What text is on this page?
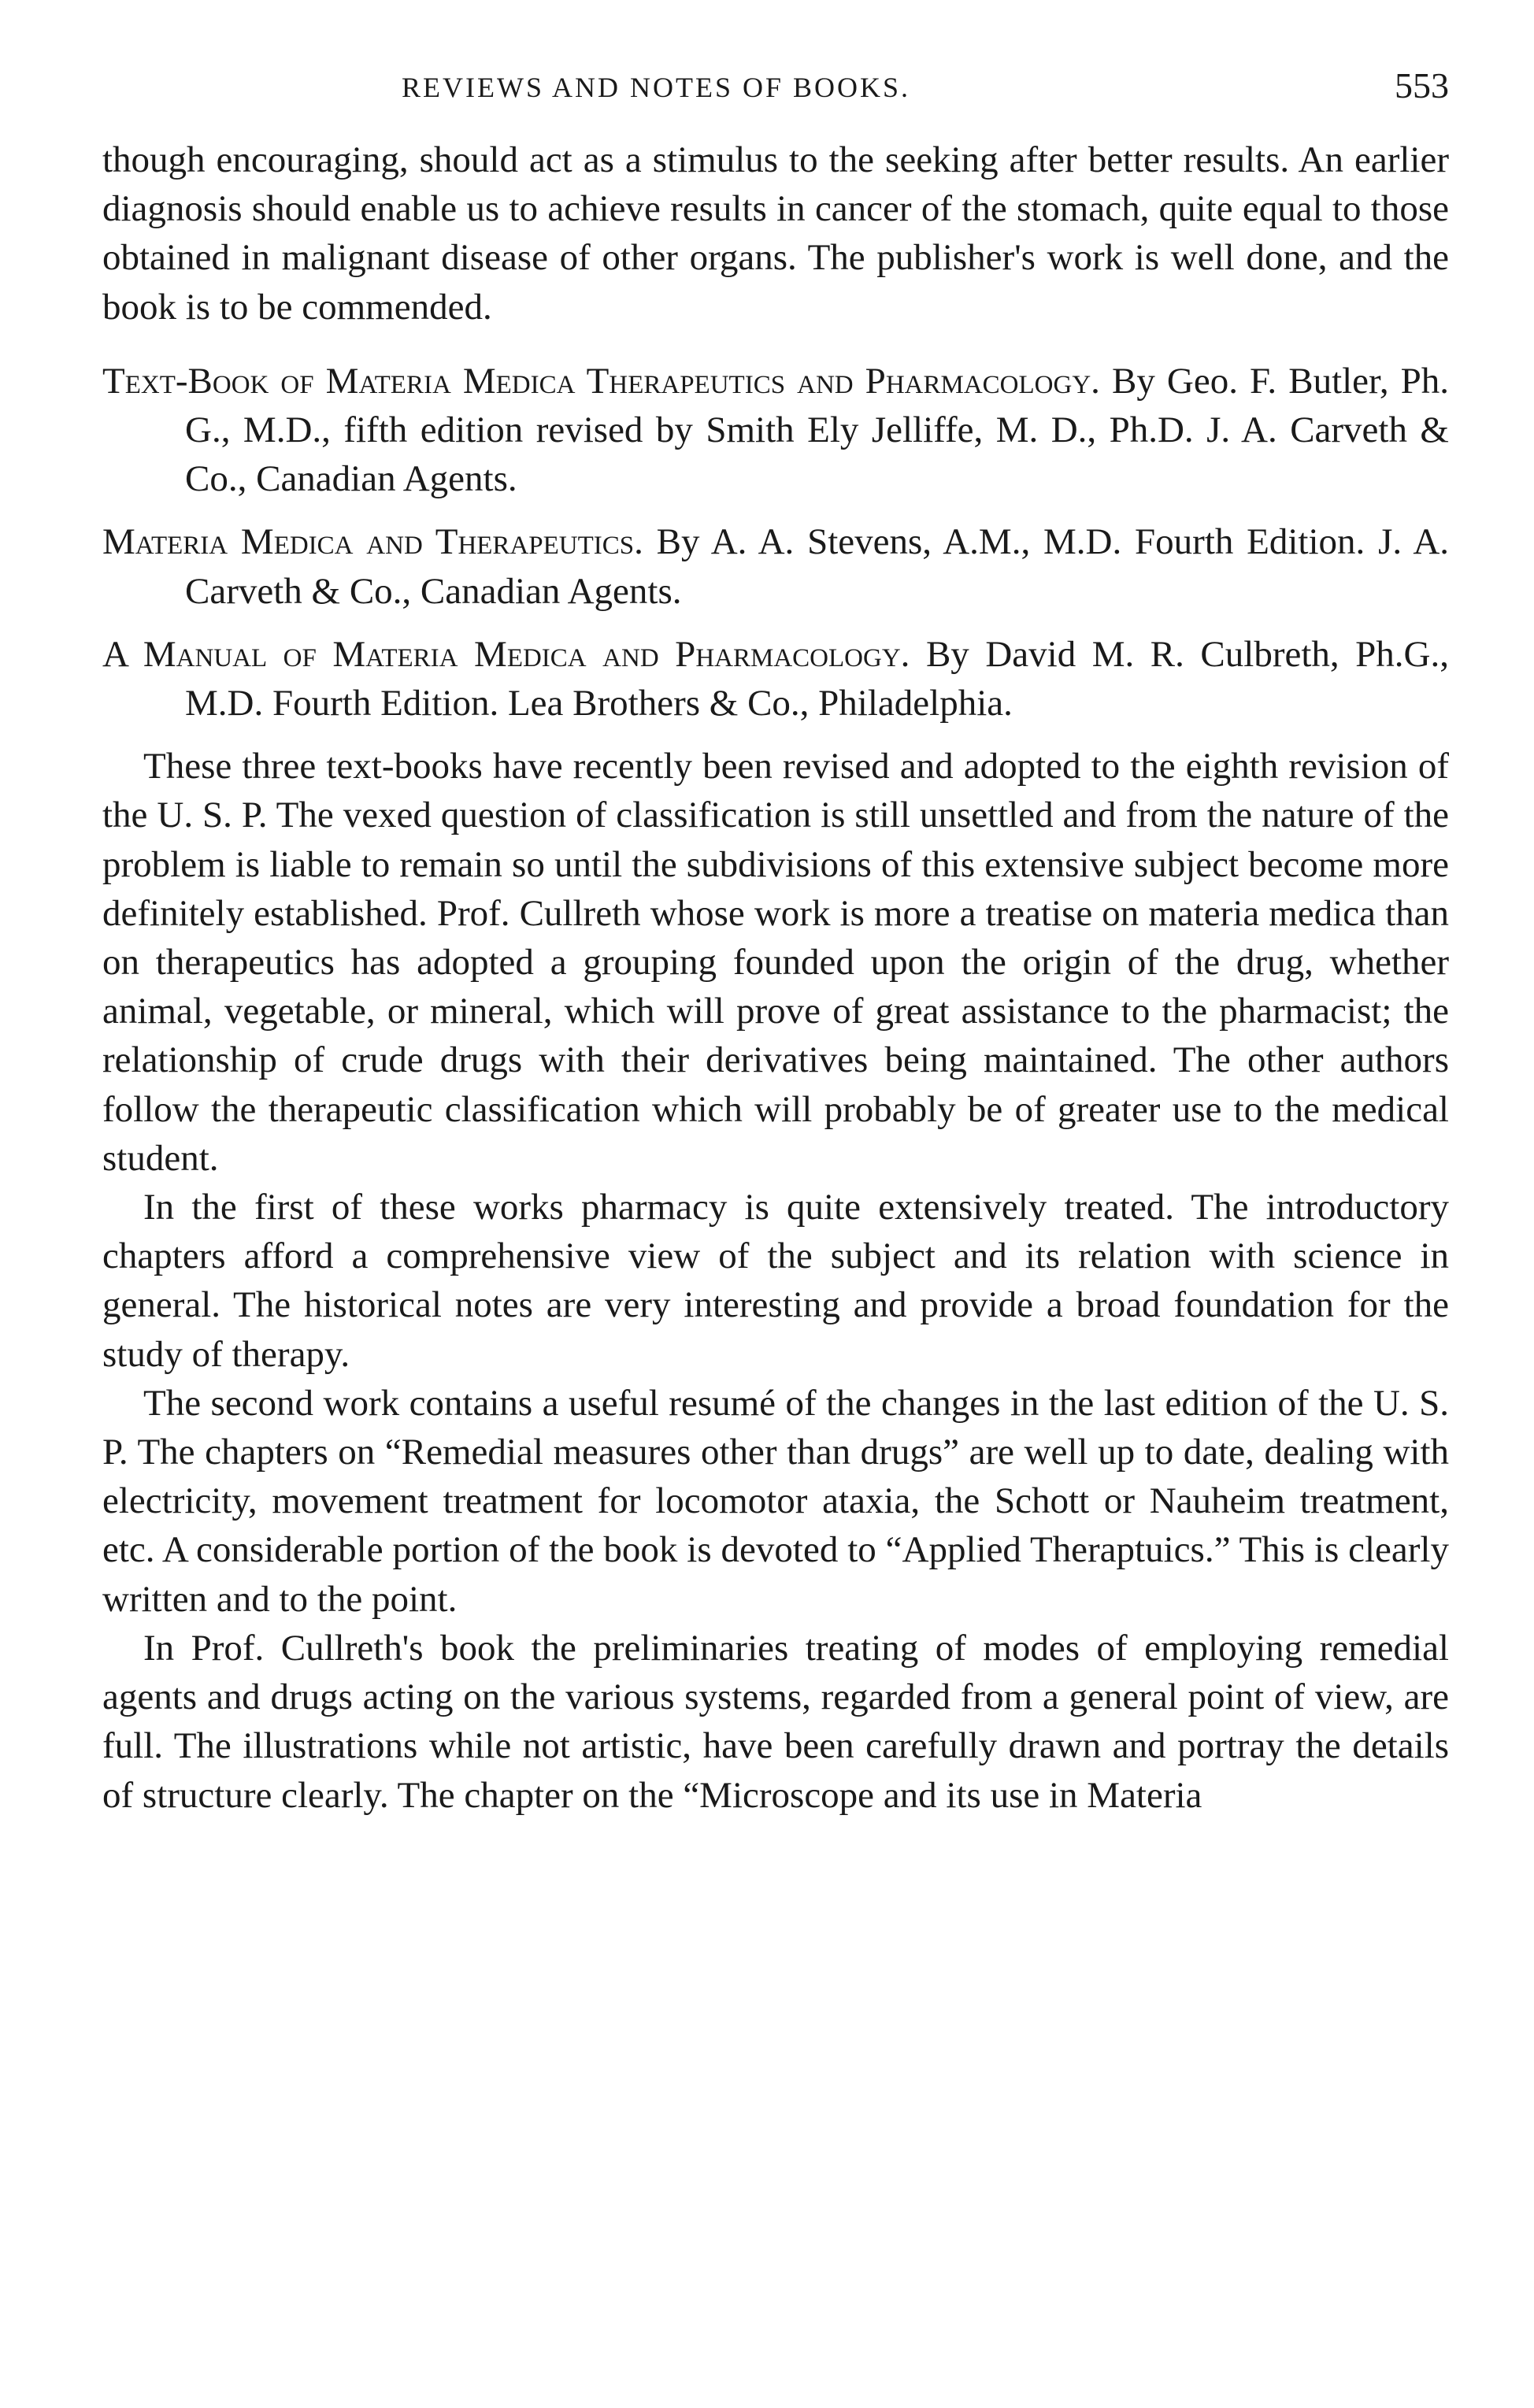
REVIEWS AND NOTES OF BOOKS.	553

though encouraging, should act as a stimulus to the seeking after better results. An earlier diagnosis should enable us to achieve results in cancer of the stomach, quite equal to those obtained in malignant disease of other organs. The publisher's work is well done, and the book is to be commended.

Text-Book of Materia Medica Therapeutics and Pharmacology. By Geo. F. Butler, Ph. G., M.D., fifth edition revised by Smith Ely Jelliffe, M. D., Ph.D. J. A. Carveth & Co., Canadian Agents.

Materia Medica and Therapeutics. By A. A. Stevens, A.M., M.D. Fourth Edition. J. A. Carveth & Co., Canadian Agents.

A Manual of Materia Medica and Pharmacology. By David M. R. Culbreth, Ph.G., M.D. Fourth Edition. Lea Brothers & Co., Philadelphia.

These three text-books have recently been revised and adopted to the eighth revision of the U. S. P. The vexed question of classification is still unsettled and from the nature of the problem is liable to remain so until the subdivisions of this extensive subject become more definitely established. Prof. Cullreth whose work is more a treatise on materia medica than on therapeutics has adopted a grouping founded upon the origin of the drug, whether animal, vegetable, or mineral, which will prove of great assistance to the pharmacist; the relationship of crude drugs with their derivatives being maintained. The other authors follow the therapeutic classification which will probably be of greater use to the medical student.

In the first of these works pharmacy is quite extensively treated. The introductory chapters afford a comprehensive view of the subject and its relation with science in general. The historical notes are very interesting and provide a broad foundation for the study of therapy.

The second work contains a useful resumé of the changes in the last edition of the U. S. P. The chapters on “Remedial measures other than drugs” are well up to date, dealing with electricity, movement treatment for locomotor ataxia, the Schott or Nauheim treatment, etc. A considerable portion of the book is devoted to “Applied Theraptuics.” This is clearly written and to the point.

In Prof. Cullreth's book the preliminaries treating of modes of employing remedial agents and drugs acting on the various systems, regarded from a general point of view, are full. The illustrations while not artistic, have been carefully drawn and portray the details of structure clearly. The chapter on the “Microscope and its use in Materia
